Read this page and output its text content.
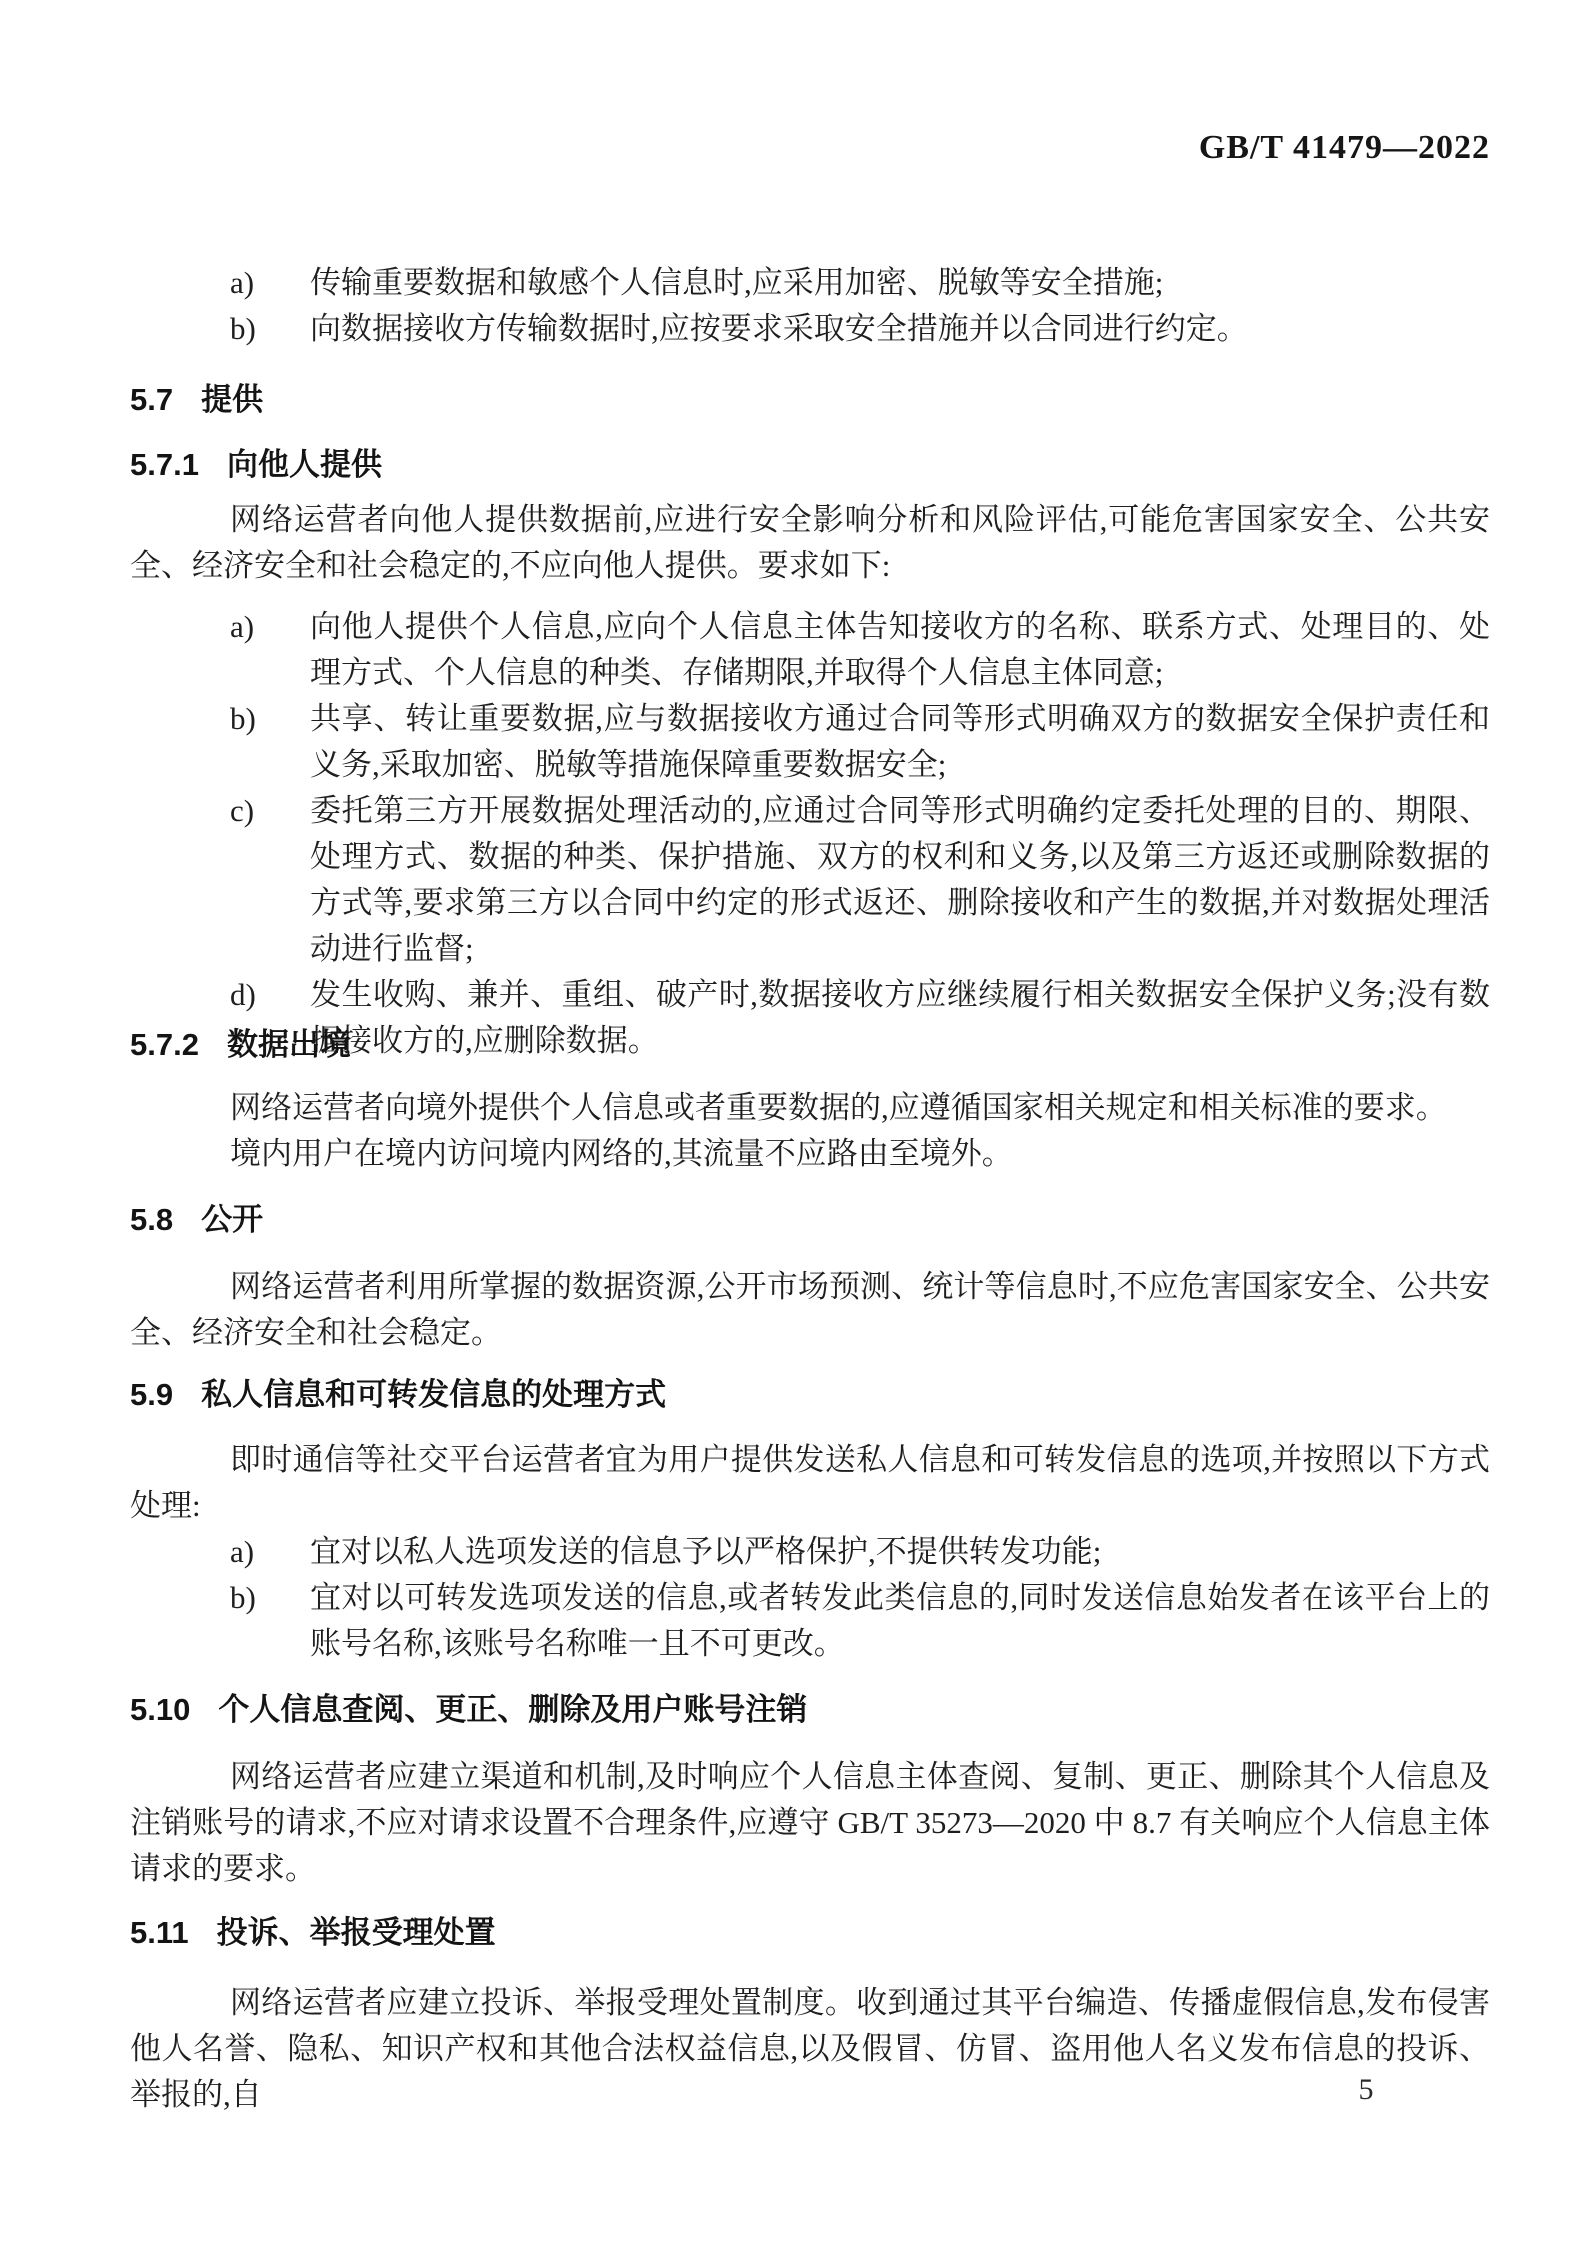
GB/T 41479—2022
a) 传输重要数据和敏感个人信息时,应采用加密、脱敏等安全措施;
b) 向数据接收方传输数据时,应按要求采取安全措施并以合同进行约定。
5.7 提供
5.7.1 向他人提供
网络运营者向他人提供数据前,应进行安全影响分析和风险评估,可能危害国家安全、公共安全、经济安全和社会稳定的,不应向他人提供。要求如下:
a) 向他人提供个人信息,应向个人信息主体告知接收方的名称、联系方式、处理目的、处理方式、个人信息的种类、存储期限,并取得个人信息主体同意;
b) 共享、转让重要数据,应与数据接收方通过合同等形式明确双方的数据安全保护责任和义务,采取加密、脱敏等措施保障重要数据安全;
c) 委托第三方开展数据处理活动的,应通过合同等形式明确约定委托处理的目的、期限、处理方式、数据的种类、保护措施、双方的权利和义务,以及第三方返还或删除数据的方式等,要求第三方以合同中约定的形式返还、删除接收和产生的数据,并对数据处理活动进行监督;
d) 发生收购、兼并、重组、破产时,数据接收方应继续履行相关数据安全保护义务;没有数据接收方的,应删除数据。
5.7.2 数据出境
网络运营者向境外提供个人信息或者重要数据的,应遵循国家相关规定和相关标准的要求。
境内用户在境内访问境内网络的,其流量不应路由至境外。
5.8 公开
网络运营者利用所掌握的数据资源,公开市场预测、统计等信息时,不应危害国家安全、公共安全、经济安全和社会稳定。
5.9 私人信息和可转发信息的处理方式
即时通信等社交平台运营者宜为用户提供发送私人信息和可转发信息的选项,并按照以下方式处理:
a) 宜对以私人选项发送的信息予以严格保护,不提供转发功能;
b) 宜对以可转发选项发送的信息,或者转发此类信息的,同时发送信息始发者在该平台上的账号名称,该账号名称唯一且不可更改。
5.10 个人信息查阅、更正、删除及用户账号注销
网络运营者应建立渠道和机制,及时响应个人信息主体查阅、复制、更正、删除其个人信息及注销账号的请求,不应对请求设置不合理条件,应遵守 GB/T 35273—2020 中 8.7 有关响应个人信息主体请求的要求。
5.11 投诉、举报受理处置
网络运营者应建立投诉、举报受理处置制度。收到通过其平台编造、传播虚假信息,发布侵害他人名誉、隐私、知识产权和其他合法权益信息,以及假冒、仿冒、盗用他人名义发布信息的投诉、举报的,自	5
